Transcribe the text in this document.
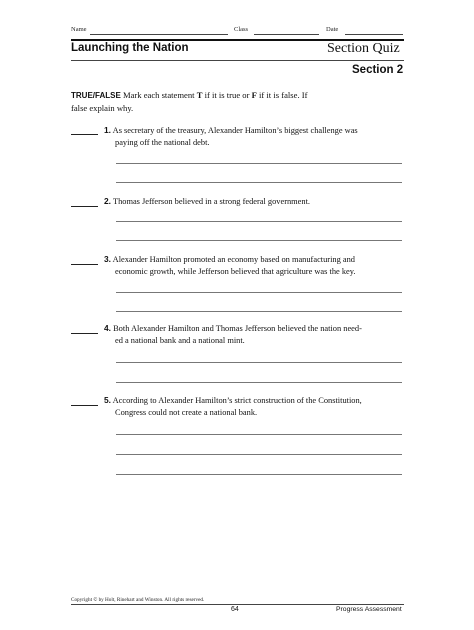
Name	Class	Date
Launching the Nation	Section Quiz
Section 2
TRUE/FALSE Mark each statement T if it is true or F if it is false. If
false explain why.
1. As secretary of the treasury, Alexander Hamilton’s biggest challenge was
paying off the national debt.
2. Thomas Jefferson believed in a strong federal government.
3. Alexander Hamilton promoted an economy based on manufacturing and
economic growth, while Jefferson believed that agriculture was the key.
4. Both Alexander Hamilton and Thomas Jefferson believed the nation need-
ed a national bank and a national mint.
5. According to Alexander Hamilton’s strict construction of the Constitution,
Congress could not create a national bank.
Copyright © by Holt, Rinehart and Winston. All rights reserved.
64	Progress Assessment
